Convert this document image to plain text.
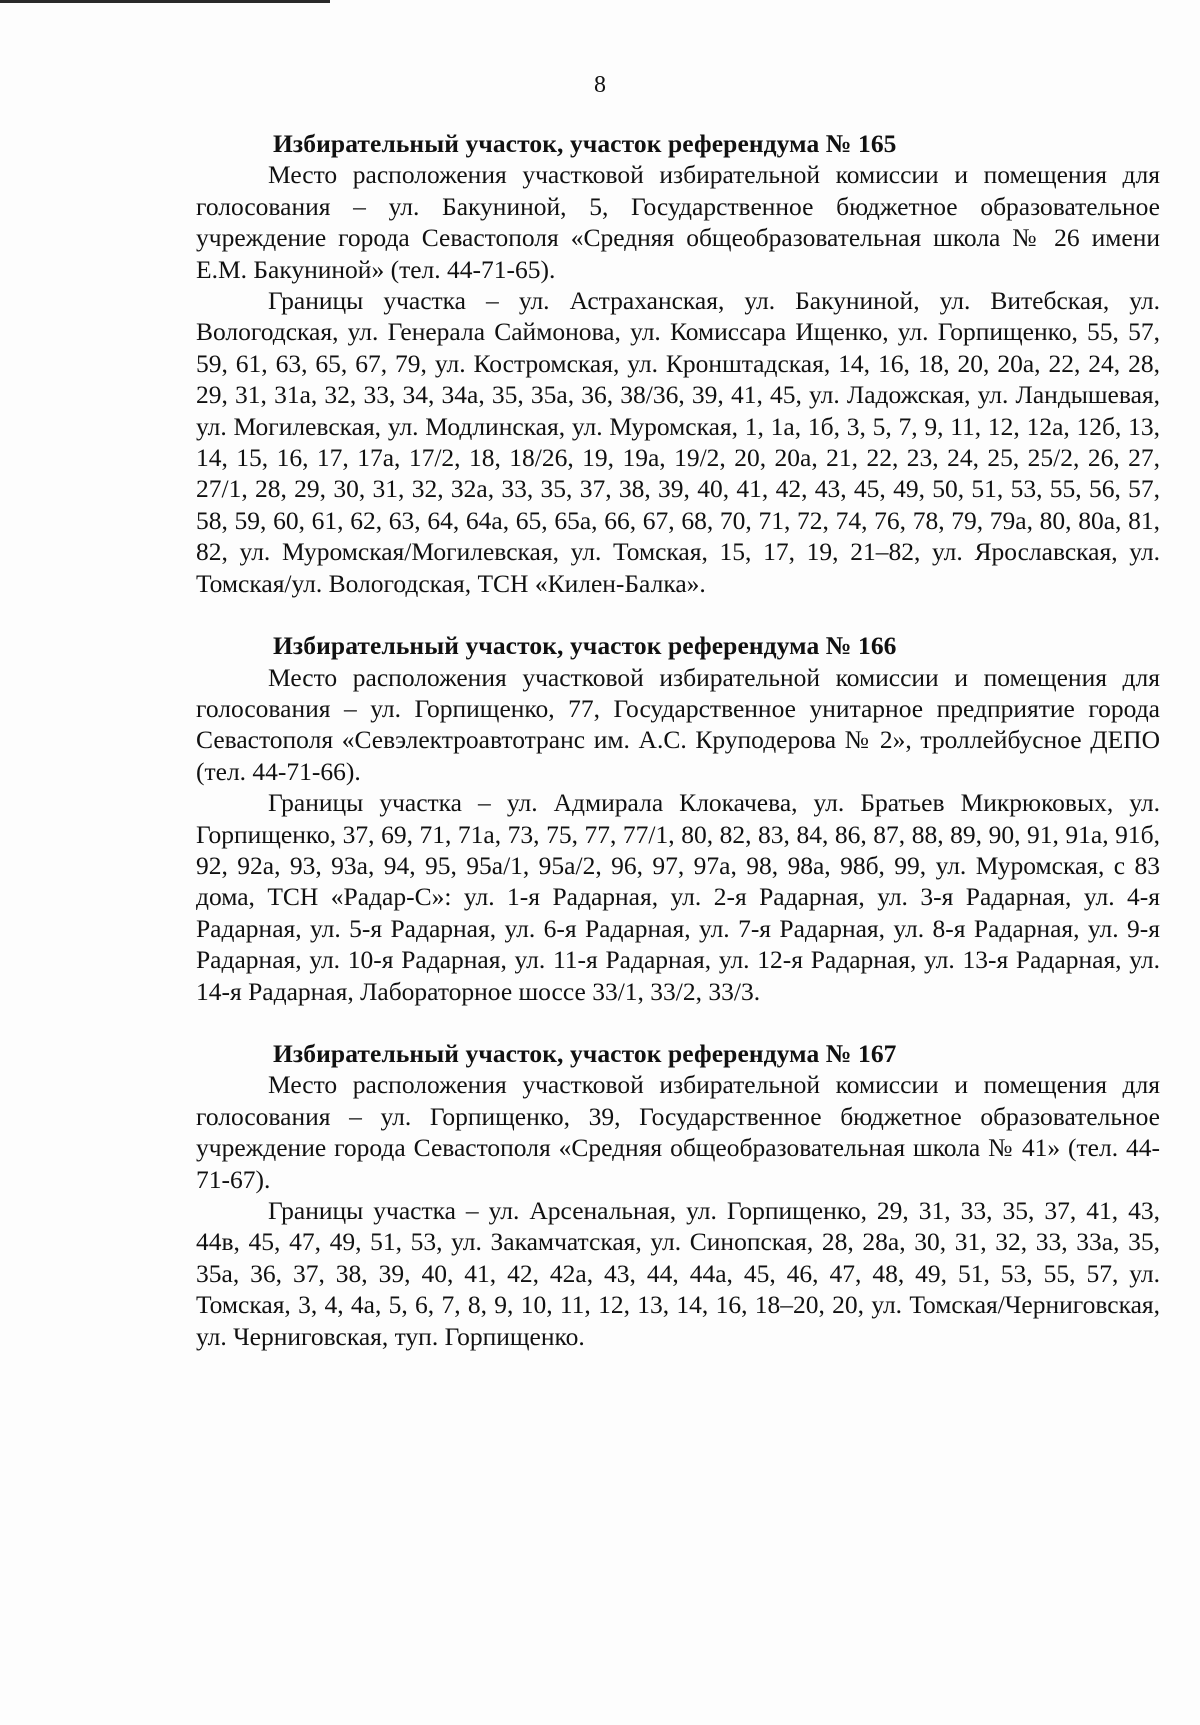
8

Избирательный участок, участок референдума № 165

Место расположения участковой избирательной комиссии и помещения для голосования – ул. Бакуниной, 5, Государственное бюджетное образовательное учреждение города Севастополя «Средняя общеобразовательная школа № 26 имени Е.М. Бакуниной» (тел. 44-71-65).

Границы участка – ул. Астраханская, ул. Бакуниной, ул. Витебская, ул. Вологодская, ул. Генерала Саймонова, ул. Комиссара Ищенко, ул. Горпищенко, 55, 57, 59, 61, 63, 65, 67, 79, ул. Костромская, ул. Кронштадская, 14, 16, 18, 20, 20а, 22, 24, 28, 29, 31, 31а, 32, 33, 34, 34а, 35, 35а, 36, 38/36, 39, 41, 45, ул. Ладожская, ул. Ландышевая, ул. Могилевская, ул. Модлинская, ул. Муромская, 1, 1а, 1б, 3, 5, 7, 9, 11, 12, 12а, 12б, 13, 14, 15, 16, 17, 17а, 17/2, 18, 18/26, 19, 19а, 19/2, 20, 20а, 21, 22, 23, 24, 25, 25/2, 26, 27, 27/1, 28, 29, 30, 31, 32, 32а, 33, 35, 37, 38, 39, 40, 41, 42, 43, 45, 49, 50, 51, 53, 55, 56, 57, 58, 59, 60, 61, 62, 63, 64, 64а, 65, 65а, 66, 67, 68, 70, 71, 72, 74, 76, 78, 79, 79а, 80, 80а, 81, 82, ул. Муромская/Могилевская, ул. Томская, 15, 17, 19, 21–82, ул. Ярославская, ул. Томская/ул. Вологодская, ТСН «Килен-Балка».

Избирательный участок, участок референдума № 166

Место расположения участковой избирательной комиссии и помещения для голосования – ул. Горпищенко, 77, Государственное унитарное предприятие города Севастополя «Севэлектроавтотранс им. А.С. Круподерова № 2», троллейбусное ДЕПО (тел. 44-71-66).

Границы участка – ул. Адмирала Клокачева, ул. Братьев Микрюковых, ул. Горпищенко, 37, 69, 71, 71а, 73, 75, 77, 77/1, 80, 82, 83, 84, 86, 87, 88, 89, 90, 91, 91а, 91б, 92, 92а, 93, 93а, 94, 95, 95а/1, 95а/2, 96, 97, 97а, 98, 98а, 98б, 99, ул. Муромская, с 83 дома, ТСН «Радар-С»: ул. 1-я Радарная, ул. 2-я Радарная, ул. 3-я Радарная, ул. 4-я Радарная, ул. 5-я Радарная, ул. 6-я Радарная, ул. 7-я Радарная, ул. 8-я Радарная, ул. 9-я Радарная, ул. 10-я Радарная, ул. 11-я Радарная, ул. 12-я Радарная, ул. 13-я Радарная, ул. 14-я Радарная, Лабораторное шоссе 33/1, 33/2, 33/3.

Избирательный участок, участок референдума № 167

Место расположения участковой избирательной комиссии и помещения для голосования – ул. Горпищенко, 39, Государственное бюджетное образовательное учреждение города Севастополя «Средняя общеобразовательная школа № 41» (тел. 44-71-67).

Границы участка – ул. Арсенальная, ул. Горпищенко, 29, 31, 33, 35, 37, 41, 43, 44в, 45, 47, 49, 51, 53, ул. Закамчатская, ул. Синопская, 28, 28а, 30, 31, 32, 33, 33а, 35, 35а, 36, 37, 38, 39, 40, 41, 42, 42а, 43, 44, 44а, 45, 46, 47, 48, 49, 51, 53, 55, 57, ул. Томская, 3, 4, 4а, 5, 6, 7, 8, 9, 10, 11, 12, 13, 14, 16, 18–20, 20, ул. Томская/Черниговская, ул. Черниговская, туп. Горпищенко.
